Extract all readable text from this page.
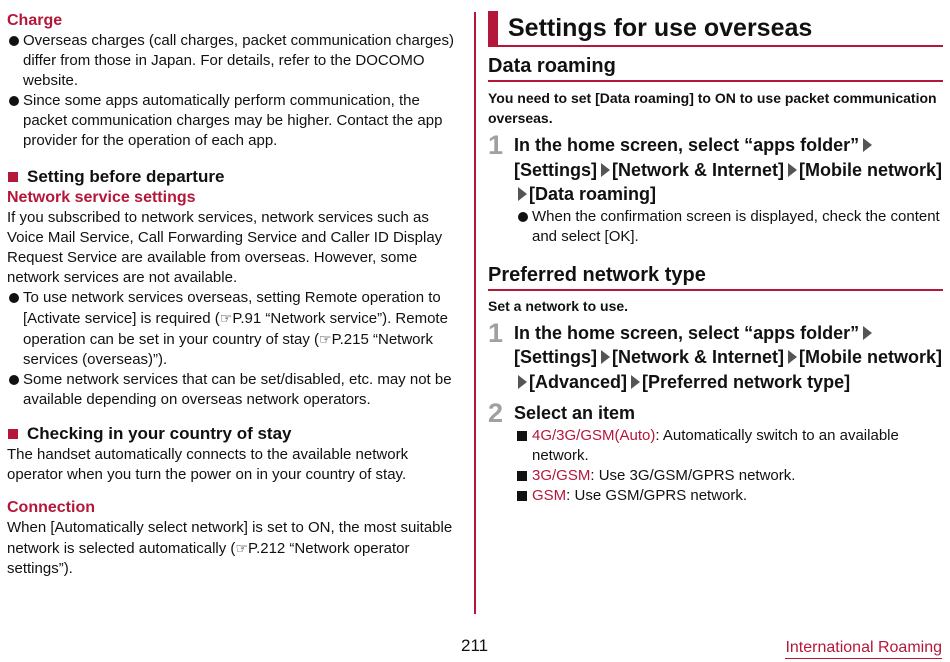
Charge
Overseas charges (call charges, packet communication charges) differ from those in Japan. For details, refer to the DOCOMO website.
Since some apps automatically perform communication, the packet communication charges may be higher. Contact the app provider for the operation of each app.
Setting before departure
Network service settings

If you subscribed to network services, network services such as Voice Mail Service, Call Forwarding Service and Caller ID Display Request Service are available from overseas. However, some network services are not available.

To use network services overseas, setting Remote operation to [Activate service] is required (☞P.91 “Network service”). Remote operation can be set in your country of stay (☞P.215 “Network services (overseas)”).
Some network services that can be set/disabled, etc. may not be available depending on overseas network operators.
Checking in your country of stay

The handset automatically connects to the available network operator when you turn the power on in your country of stay.

Connection

When [Automatically select network] is set to ON, the most suitable network is selected automatically (☞P.212 “Network operator settings”).

Settings for use overseas
Data roaming
You need to set [Data roaming] to ON to use packet communication overseas.
1 In the home screen, select “apps folder”[Settings] [Network & Internet] [Mobile network][Data roaming]
When the confirmation screen is displayed, check the content and select [OK].
Preferred network type
Set a network to use.
1 In the home screen, select “apps folder”[Settings] [Network & Internet] [Mobile network][Advanced] [Preferred network type]
2 Select an item
4G/3G/GSM(Auto): Automatically switch to an available network.
3G/GSM: Use 3G/GSM/GPRS network.
GSM: Use GSM/GPRS network.
211	International Roaming
